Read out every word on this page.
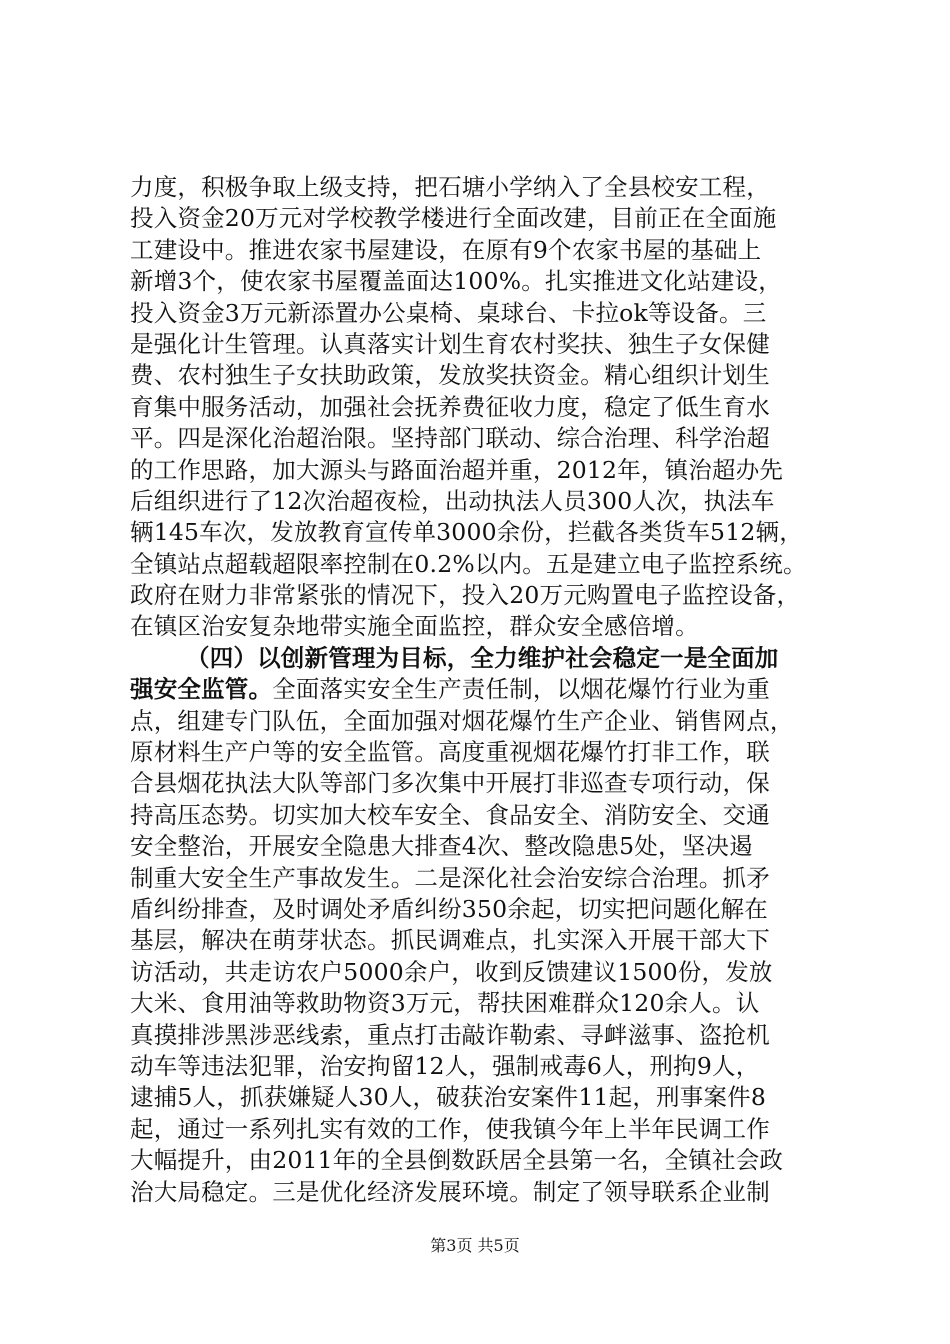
力度，积极争取上级支持，把石塘小学纳入了全县校安工程，
投入资金20万元对学校教学楼进行全面改建，目前正在全面施
工建设中。推进农家书屋建设，在原有9个农家书屋的基础上
新增3个，使农家书屋覆盖面达100%。扎实推进文化站建设，
投入资金3万元新添置办公桌椅、桌球台、卡拉ok等设备。三
是强化计生管理。认真落实计划生育农村奖扶、独生子女保健
费、农村独生子女扶助政策，发放奖扶资金。精心组织计划生
育集中服务活动，加强社会抚养费征收力度，稳定了低生育水
平。四是深化治超治限。坚持部门联动、综合治理、科学治超
的工作思路，加大源头与路面治超并重，2012年，镇治超办先
后组织进行了12次治超夜检，出动执法人员300人次，执法车
辆145车次，发放教育宣传单3000余份，拦截各类货车512辆，
全镇站点超载超限率控制在0.2%以内。五是建立电子监控系统。
政府在财力非常紧张的情况下，投入20万元购置电子监控设备，
在镇区治安复杂地带实施全面监控，群众安全感倍增。
（四）以创新管理为目标，全力维护社会稳定一是全面加
强安全监管。全面落实安全生产责任制，以烟花爆竹行业为重
点，组建专门队伍，全面加强对烟花爆竹生产企业、销售网点，
原材料生产户等的安全监管。高度重视烟花爆竹打非工作，联
合县烟花执法大队等部门多次集中开展打非巡查专项行动，保
持高压态势。切实加大校车安全、食品安全、消防安全、交通
安全整治，开展安全隐患大排查4次、整改隐患5处，坚决遏
制重大安全生产事故发生。二是深化社会治安综合治理。抓矛
盾纠纷排查，及时调处矛盾纠纷350余起，切实把问题化解在
基层，解决在萌芽状态。抓民调难点，扎实深入开展干部大下
访活动，共走访农户5000余户，收到反馈建议1500份，发放
大米、食用油等救助物资3万元，帮扶困难群众120余人。认
真摸排涉黑涉恶线索，重点打击敲诈勒索、寻衅滋事、盗抢机
动车等违法犯罪，治安拘留12人，强制戒毒6人，刑拘9人，
逮捕5人，抓获嫌疑人30人，破获治安案件11起，刑事案件8
起，通过一系列扎实有效的工作，使我镇今年上半年民调工作
大幅提升，由2011年的全县倒数跃居全县第一名，全镇社会政
治大局稳定。三是优化经济发展环境。制定了领导联系企业制
第3页 共5页
